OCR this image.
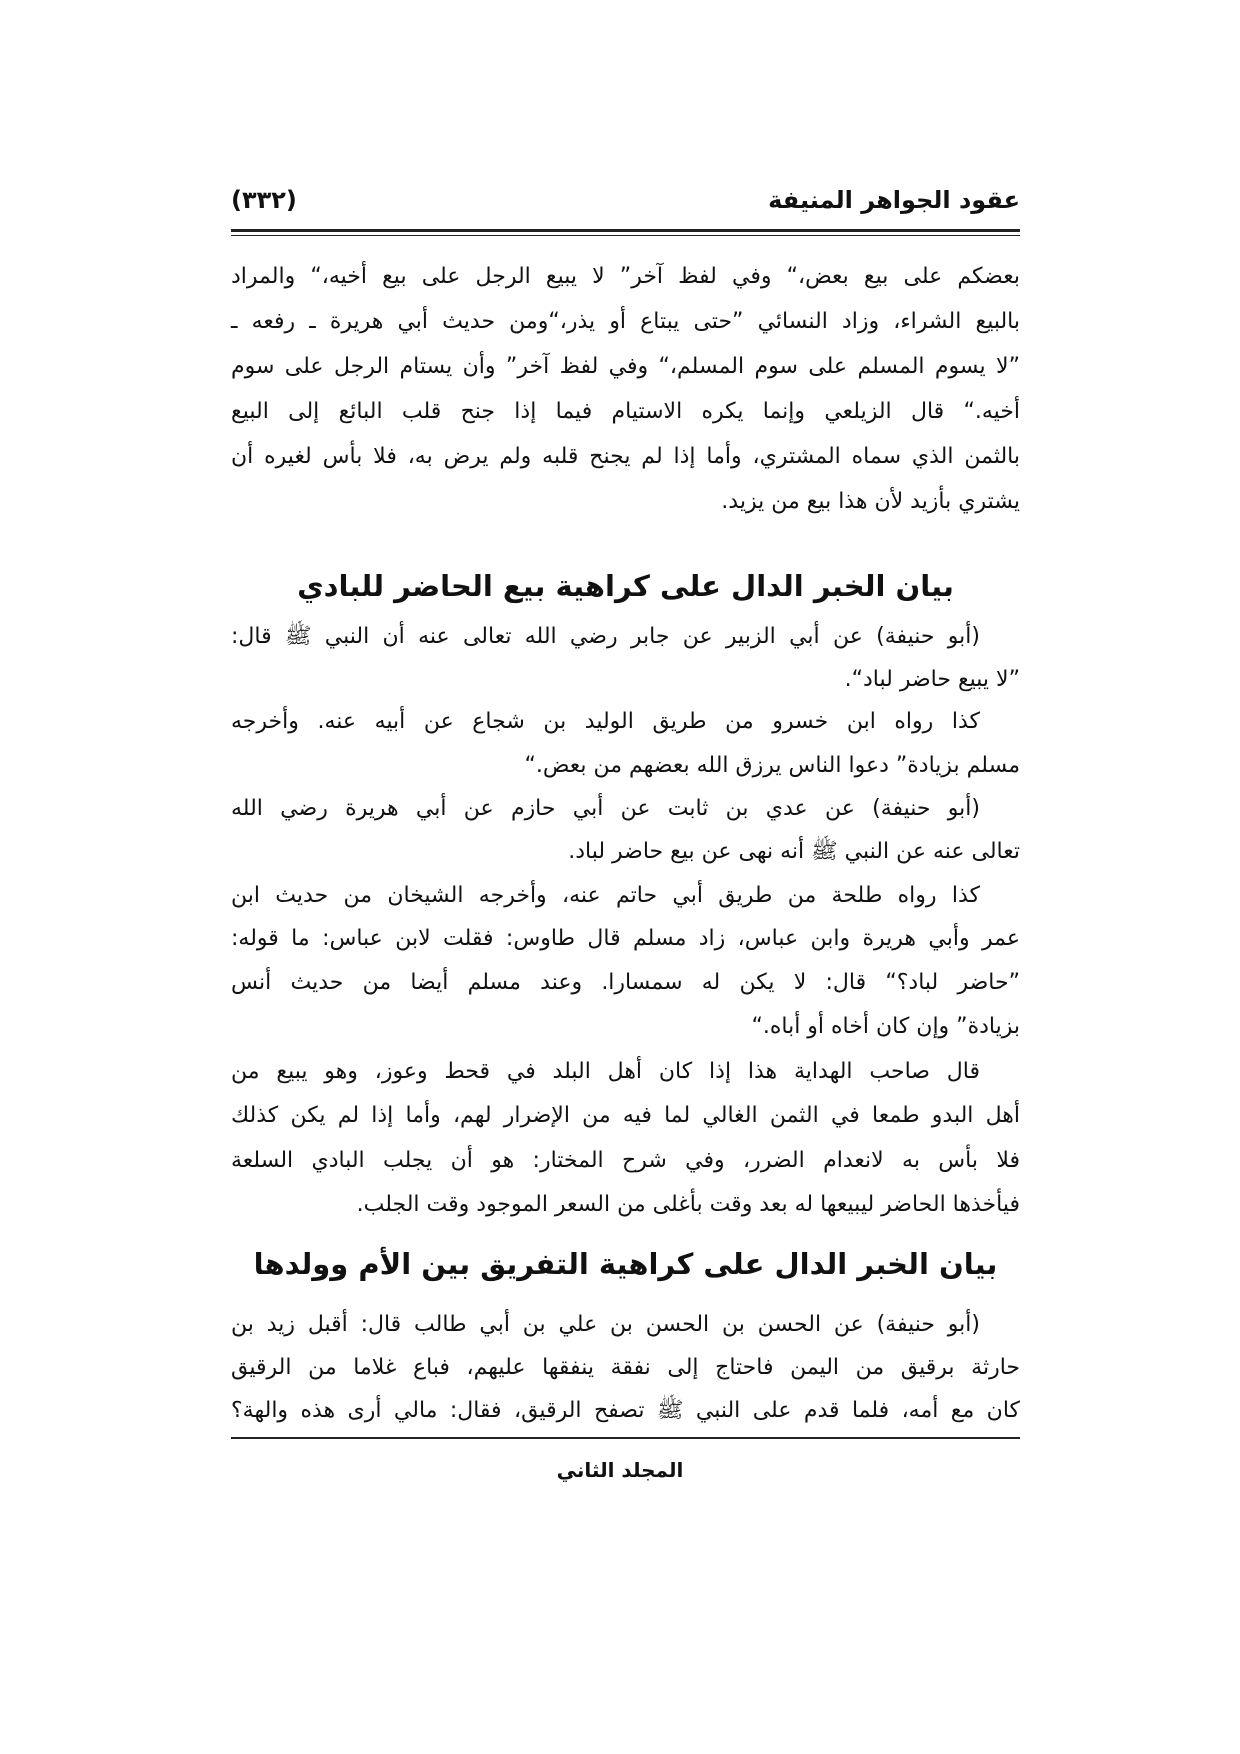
عقود الجواهر المنيفة
(٣٣٢)
بعضكم على بيع بعض،“ وفي لفظ آخر” لا يبيع الرجل على بيع أخيه،“ والمراد
بالبيع الشراء، وزاد النسائي ”حتى يبتاع أو يذر،“ومن حديث أبي هريرة ـ رفعه ـ
”لا يسوم المسلم على سوم المسلم،“ وفي لفظ آخر” وأن يستام الرجل على سوم
أخيه.“ قال الزيلعي وإنما يكره الاستيام فيما إذا جنح قلب البائع إلى البيع
بالثمن الذي سماه المشتري، وأما إذا لم يجنح قلبه ولم يرض به، فلا بأس لغيره أن
يشتري بأزيد لأن هذا بيع من يزيد.
بيان الخبر الدال على كراهية بيع الحاضر للبادي
(أبو حنيفة) عن أبي الزبير عن جابر رضي الله تعالى عنه أن النبي ﷺ قال:
”لا يبيع حاضر لباد“.
كذا رواه ابن خسرو من طريق الوليد بن شجاع عن أبيه عنه. وأخرجه
مسلم بزيادة” دعوا الناس يرزق الله بعضهم من بعض.“
(أبو حنيفة) عن عدي بن ثابت عن أبي حازم عن أبي هريرة رضي الله
تعالى عنه عن النبي ﷺ أنه نهى عن بيع حاضر لباد.
كذا رواه طلحة من طريق أبي حاتم عنه، وأخرجه الشيخان من حديث ابن
عمر وأبي هريرة وابن عباس، زاد مسلم قال طاوس: فقلت لابن عباس: ما قوله:
”حاضر لباد؟“ قال: لا يكن له سمسارا. وعند مسلم أيضا من حديث أنس
بزيادة” وإن كان أخاه أو أباه.“
قال صاحب الهداية هذا إذا كان أهل البلد في قحط وعوز، وهو يبيع من
أهل البدو طمعا في الثمن الغالي لما فيه من الإضرار لهم، وأما إذا لم يكن كذلك
فلا بأس به لانعدام الضرر، وفي شرح المختار: هو أن يجلب البادي السلعة
فيأخذها الحاضر ليبيعها له بعد وقت بأغلى من السعر الموجود وقت الجلب.
بيان الخبر الدال على كراهية التفريق بين الأم وولدها
(أبو حنيفة) عن الحسن بن الحسن بن علي بن أبي طالب قال: أقبل زيد بن
حارثة برقيق من اليمن فاحتاج إلى نفقة ينفقها عليهم، فباع غلاما من الرقيق
كان مع أمه، فلما قدم على النبي ﷺ تصفح الرقيق، فقال: مالي أرى هذه والهة؟
المجلد الثاني
